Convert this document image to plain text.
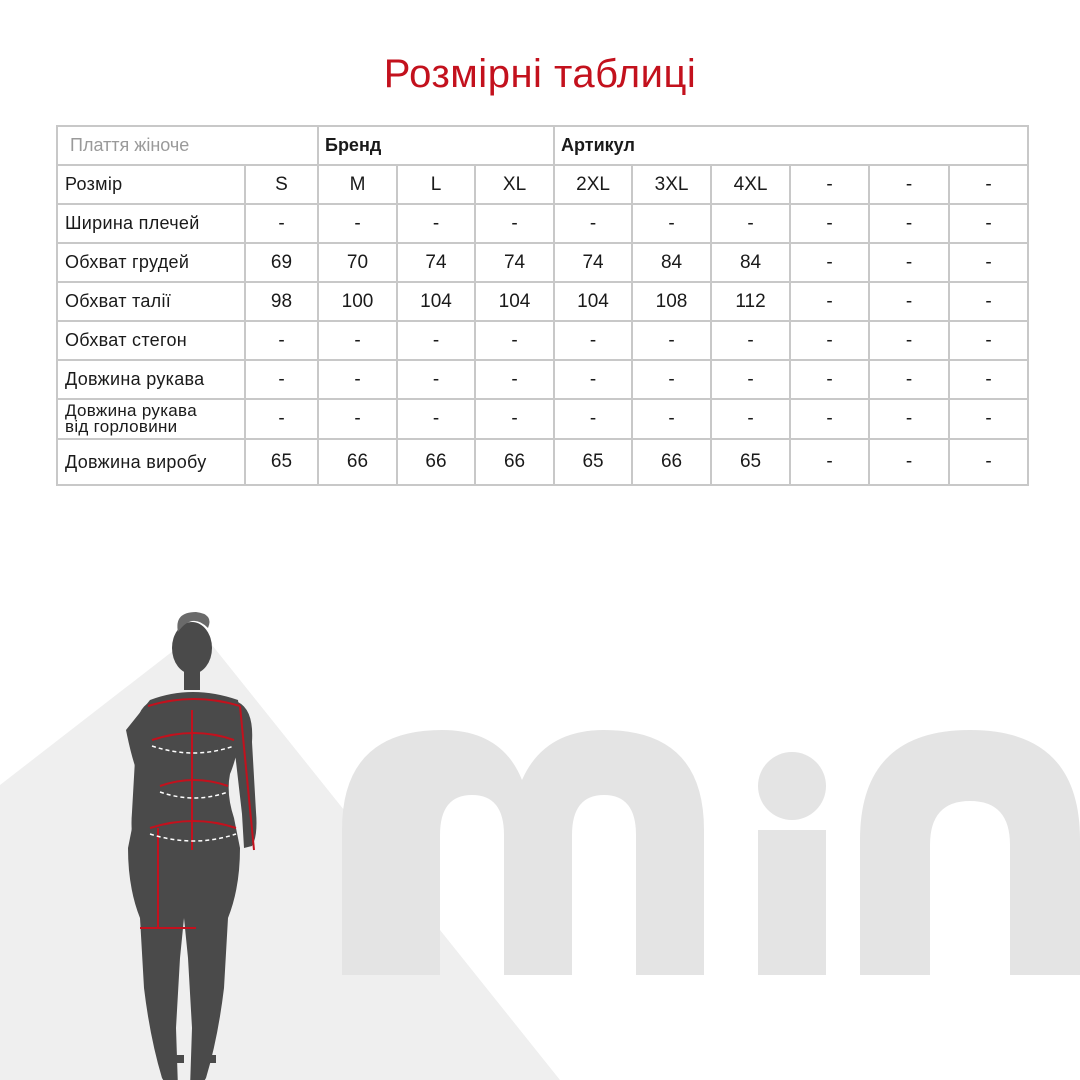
Розмірні таблиці
Плаття жіноче		Бренд			Артикул					
Розмір	S	M	L	XL	2XL	3XL	4XL	-	-	-
Ширина плечей	-	-	-	-	-	-	-	-	-	-
Обхват грудей	69	70	74	74	74	84	84	-	-	-
Обхват талії	98	100	104	104	104	108	112	-	-	-
Обхват стегон	-	-	-	-	-	-	-	-	-	-
Довжина рукава	-	-	-	-	-	-	-	-	-	-
Довжина рукава
від горловини	-	-	-	-	-	-	-	-	-	-
Довжина виробу	65	66	66	66	65	66	65	-	-	-
